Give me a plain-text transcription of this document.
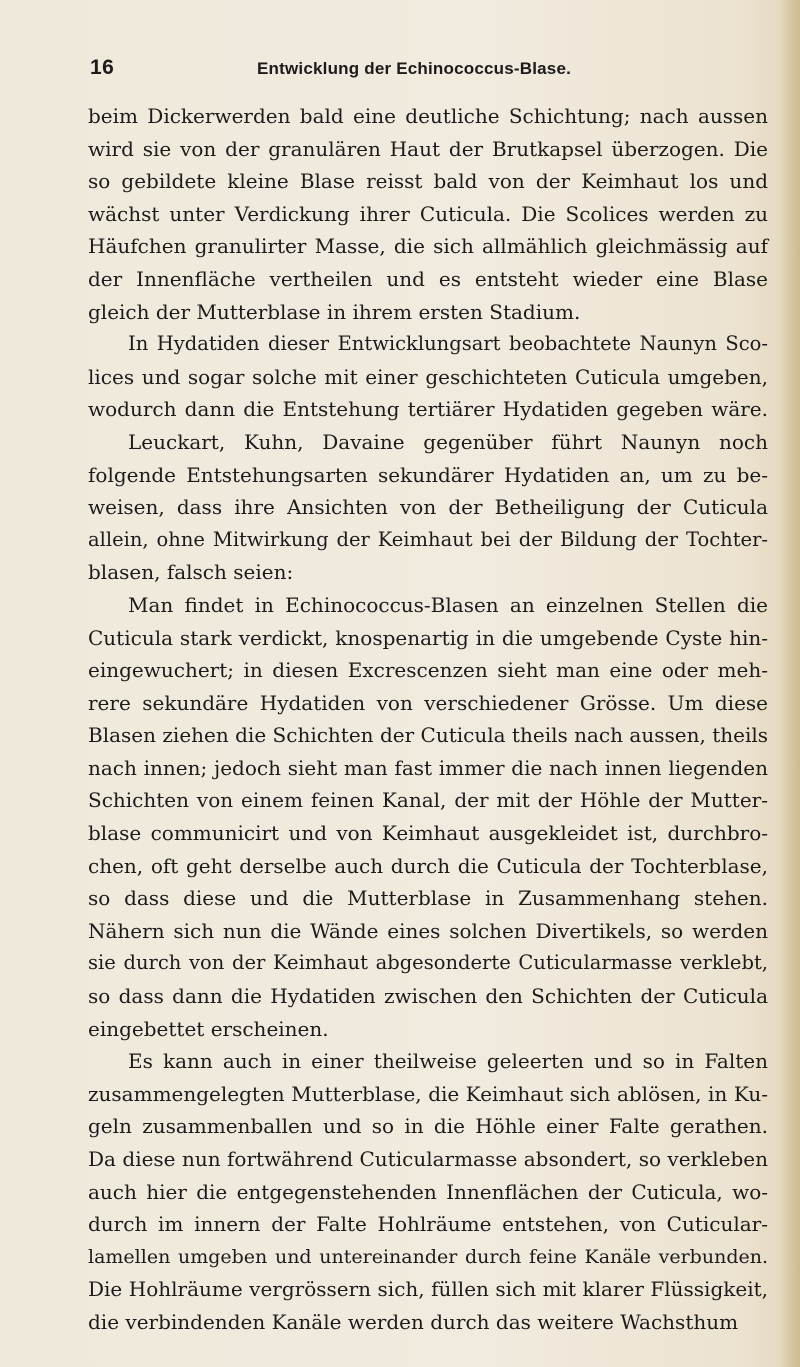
16	Entwicklung der Echinococcus-Blase.
beim Dickerwerden bald eine deutliche Schichtung; nach aussen
wird sie von der granulären Haut der Brutkapsel überzogen. Die
so gebildete kleine Blase reisst bald von der Keimhaut los und
wächst unter Verdickung ihrer Cuticula. Die Scolices werden zu
Häufchen granulirter Masse, die sich allmählich gleichmässig auf
der Innenfläche vertheilen und es entsteht wieder eine Blase
gleich der Mutterblase in ihrem ersten Stadium.
In Hydatiden dieser Entwicklungsart beobachtete Naunyn Sco-
lices und sogar solche mit einer geschichteten Cuticula umgeben,
wodurch dann die Entstehung tertiärer Hydatiden gegeben wäre.
Leuckart, Kuhn, Davaine gegenüber führt Naunyn noch
folgende Entstehungsarten sekundärer Hydatiden an, um zu be-
weisen, dass ihre Ansichten von der Betheiligung der Cuticula
allein, ohne Mitwirkung der Keimhaut bei der Bildung der Tochter-
blasen, falsch seien:
Man findet in Echinococcus-Blasen an einzelnen Stellen die
Cuticula stark verdickt, knospenartig in die umgebende Cyste hin-
eingewuchert; in diesen Excrescenzen sieht man eine oder meh-
rere sekundäre Hydatiden von verschiedener Grösse. Um diese
Blasen ziehen die Schichten der Cuticula theils nach aussen, theils
nach innen; jedoch sieht man fast immer die nach innen liegenden
Schichten von einem feinen Kanal, der mit der Höhle der Mutter-
blase communicirt und von Keimhaut ausgekleidet ist, durchbro-
chen, oft geht derselbe auch durch die Cuticula der Tochterblase,
so dass diese und die Mutterblase in Zusammenhang stehen.
Nähern sich nun die Wände eines solchen Divertikels, so werden
sie durch von der Keimhaut abgesonderte Cuticularmasse verklebt,
so dass dann die Hydatiden zwischen den Schichten der Cuticula
eingebettet erscheinen.
Es kann auch in einer theilweise geleerten und so in Falten
zusammengelegten Mutterblase, die Keimhaut sich ablösen, in Ku-
geln zusammenballen und so in die Höhle einer Falte gerathen.
Da diese nun fortwährend Cuticularmasse absondert, so verkleben
auch hier die entgegenstehenden Innenflächen der Cuticula, wo-
durch im innern der Falte Hohlräume entstehen, von Cuticular-
lamellen umgeben und untereinander durch feine Kanäle verbunden.
Die Hohlräume vergrössern sich, füllen sich mit klarer Flüssigkeit,
die verbindenden Kanäle werden durch das weitere Wachsthum
